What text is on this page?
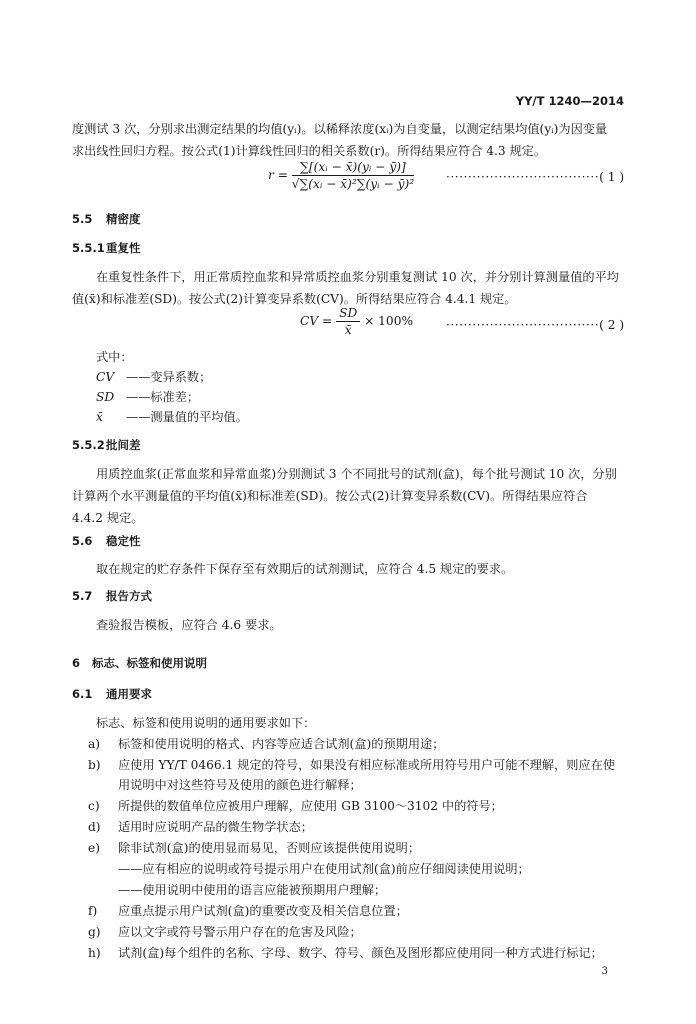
YY/T 1240—2014
度测试 3 次，分别求出测定结果的均值(yᵢ)。以稀释浓度(xᵢ)为自变量，以测定结果均值(yᵢ)为因变量
求出线性回归方程。按公式(1)计算线性回归的相关系数(r)。所得结果应符合 4.3 规定。
$r = \frac{\text{∑[(xᵢ − x̄)(yᵢ − ȳ)]}}{\text{√∑(xᵢ − x̄)²∑(yᵢ − ȳ)²}}$	···································( 1 )
5.5 精密度
5.5.1重复性
在重复性条件下，用正常质控血浆和异常质控血浆分别重复测试 10 次，并分别计算测量值的平均
值(x̄)和标准差(SD)。按公式(2)计算变异系数(CV)。所得结果应符合 4.4.1 规定。
CV = $\frac{SD}{x̄} \times 100\%$	···································( 2 )
式中：
CV ——变异系数；
SD ——标准差；
x̄ ——测量值的平均值。
5.5.2批间差
用质控血浆(正常血浆和异常血浆)分别测试 3 个不同批号的试剂(盒)，每个批号测试 10 次，分别
计算两个水平测量值的平均值(x̄)和标准差(SD)。按公式(2)计算变异系数(CV)。所得结果应符合
4.4.2 规定。
5.6 稳定性
取在规定的贮存条件下保存至有效期后的试剂测试，应符合 4.5 规定的要求。
5.7 报告方式
查验报告模板，应符合 4.6 要求。
6 标志、标签和使用说明
6.1 通用要求
标志、标签和使用说明的通用要求如下：
a) 标签和使用说明的格式、内容等应适合试剂(盒)的预期用途；
b) 应使用 YY/T 0466.1 规定的符号，如果没有相应标准或所用符号用户可能不理解，则应在使
用说明中对这些符号及使用的颜色进行解释；
c) 所提供的数值单位应被用户理解，应使用 GB 3100～3102 中的符号；
d) 适用时应说明产品的微生物学状态；
e) 除非试剂(盒)的使用显而易见，否则应该提供使用说明；
——应有相应的说明或符号提示用户在使用试剂(盒)前应仔细阅读使用说明；
——使用说明中使用的语言应能被预期用户理解；
f) 应重点提示用户试剂(盒)的重要改变及相关信息位置；
g) 应以文字或符号警示用户存在的危害及风险；
h) 试剂(盒)每个组件的名称、字母、数字、符号、颜色及图形都应使用同一种方式进行标记；
3
